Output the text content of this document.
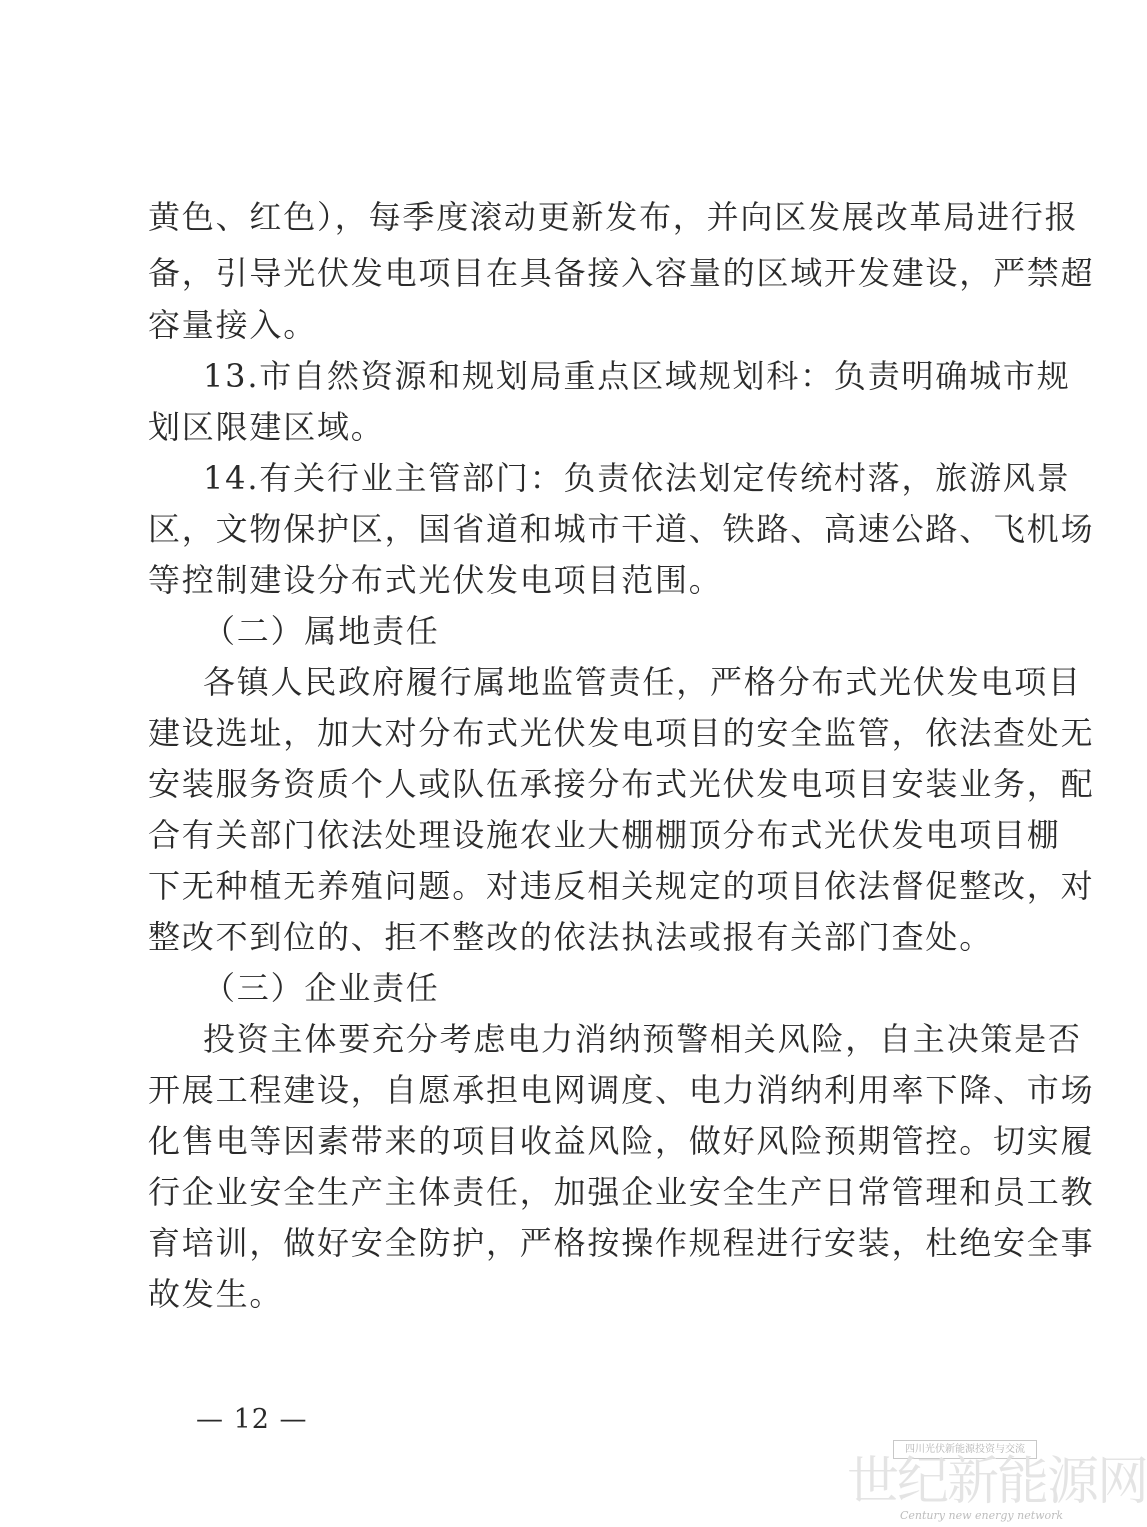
黄色、红色），每季度滚动更新发布，并向区发展改革局进行报
备，引导光伏发电项目在具备接入容量的区域开发建设，严禁超
容量接入。
13.市自然资源和规划局重点区域规划科：负责明确城市规
划区限建区域。
14.有关行业主管部门：负责依法划定传统村落，旅游风景
区，文物保护区，国省道和城市干道、铁路、高速公路、飞机场
等控制建设分布式光伏发电项目范围。
（二）属地责任
各镇人民政府履行属地监管责任，严格分布式光伏发电项目
建设选址，加大对分布式光伏发电项目的安全监管，依法查处无
安装服务资质个人或队伍承接分布式光伏发电项目安装业务，配
合有关部门依法处理设施农业大棚棚顶分布式光伏发电项目棚
下无种植无养殖问题。对违反相关规定的项目依法督促整改，对
整改不到位的、拒不整改的依法执法或报有关部门查处。
（三）企业责任
投资主体要充分考虑电力消纳预警相关风险，自主决策是否
开展工程建设，自愿承担电网调度、电力消纳利用率下降、市场
化售电等因素带来的项目收益风险，做好风险预期管控。切实履
行企业安全生产主体责任，加强企业安全生产日常管理和员工教
育培训，做好安全防护，严格按操作规程进行安装，杜绝安全事
故发生。
— 12 —
四川光伏新能源投资与交流
世纪新能源网
Century new energy network
